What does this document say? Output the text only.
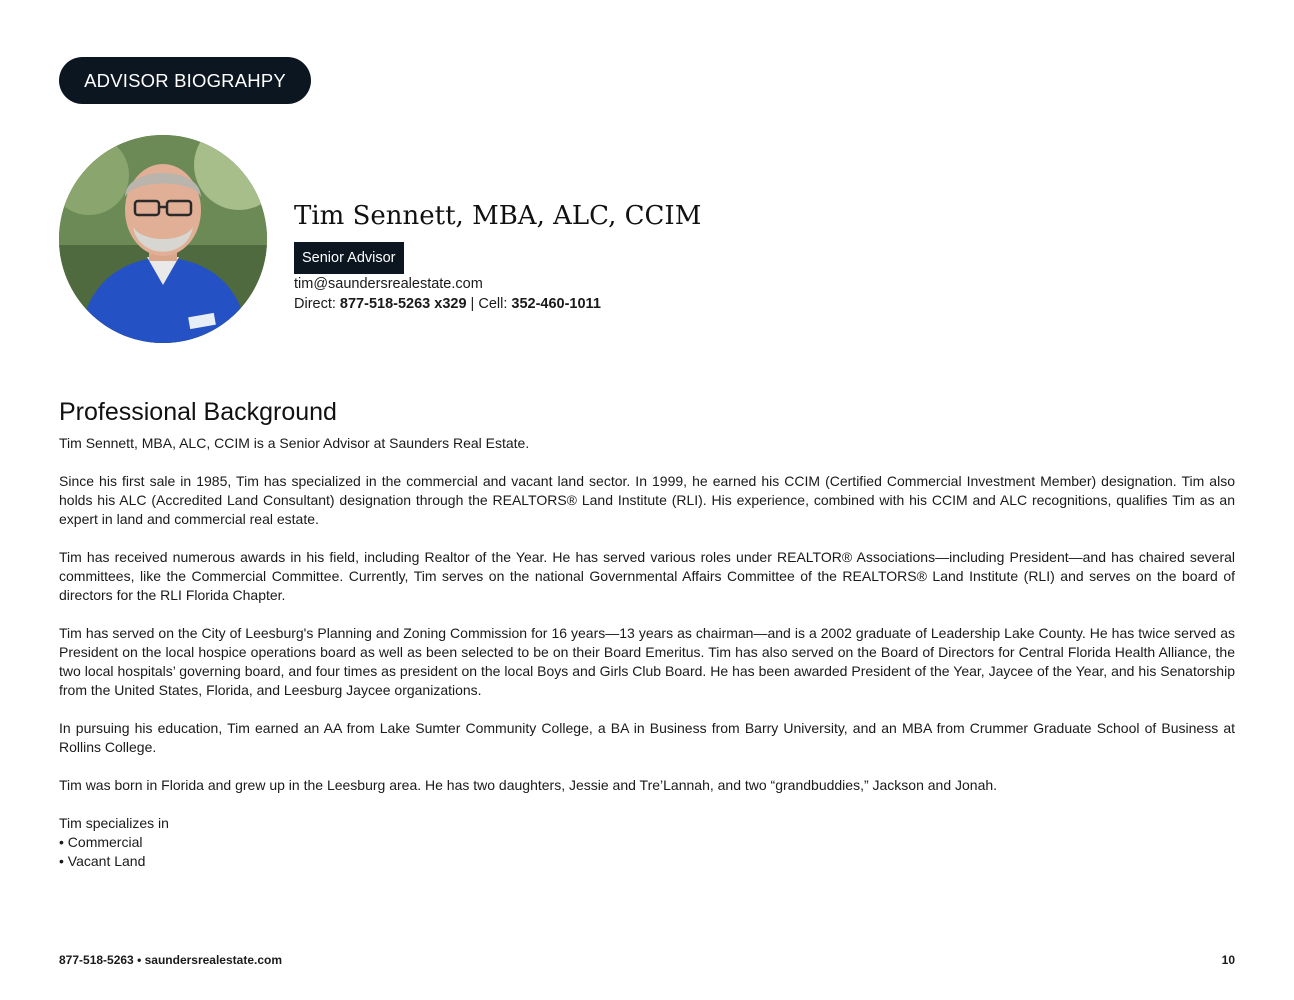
ADVISOR BIOGRAHPY
Tim Sennett, MBA, ALC, CCIM
Senior Advisor
tim@saundersrealestate.com
Direct: 877-518-5263 x329 | Cell: 352-460-1011
Professional Background

Tim Sennett, MBA, ALC, CCIM is a Senior Advisor at Saunders Real Estate.

Since his first sale in 1985, Tim has specialized in the commercial and vacant land sector. In 1999, he earned his CCIM (Certified Commercial Investment Member) designation. Tim also holds his ALC (Accredited Land Consultant) designation through the REALTORS® Land Institute (RLI). His experience, combined with his CCIM and ALC recognitions, qualifies Tim as an expert in land and commercial real estate.

Tim has received numerous awards in his field, including Realtor of the Year. He has served various roles under REALTOR® Associations—including President—and has chaired several committees, like the Commercial Committee. Currently, Tim serves on the national Governmental Affairs Committee of the REALTORS® Land Institute (RLI) and serves on the board of directors for the RLI Florida Chapter.

Tim has served on the City of Leesburg's Planning and Zoning Commission for 16 years—13 years as chairman—and is a 2002 graduate of Leadership Lake County. He has twice served as President on the local hospice operations board as well as been selected to be on their Board Emeritus. Tim has also served on the Board of Directors for Central Florida Health Alliance, the two local hospitals’ governing board, and four times as president on the local Boys and Girls Club Board. He has been awarded President of the Year, Jaycee of the Year, and his Senatorship from the United States, Florida, and Leesburg Jaycee organizations.

In pursuing his education, Tim earned an AA from Lake Sumter Community College, a BA in Business from Barry University, and an MBA from Crummer Graduate School of Business at Rollins College.

Tim was born in Florida and grew up in the Leesburg area. He has two daughters, Jessie and Tre’Lannah, and two “grandbuddies,” Jackson and Jonah.

Tim specializes in

• Commercial
• Vacant Land
877-518-5263 • saundersrealestate.com	10
